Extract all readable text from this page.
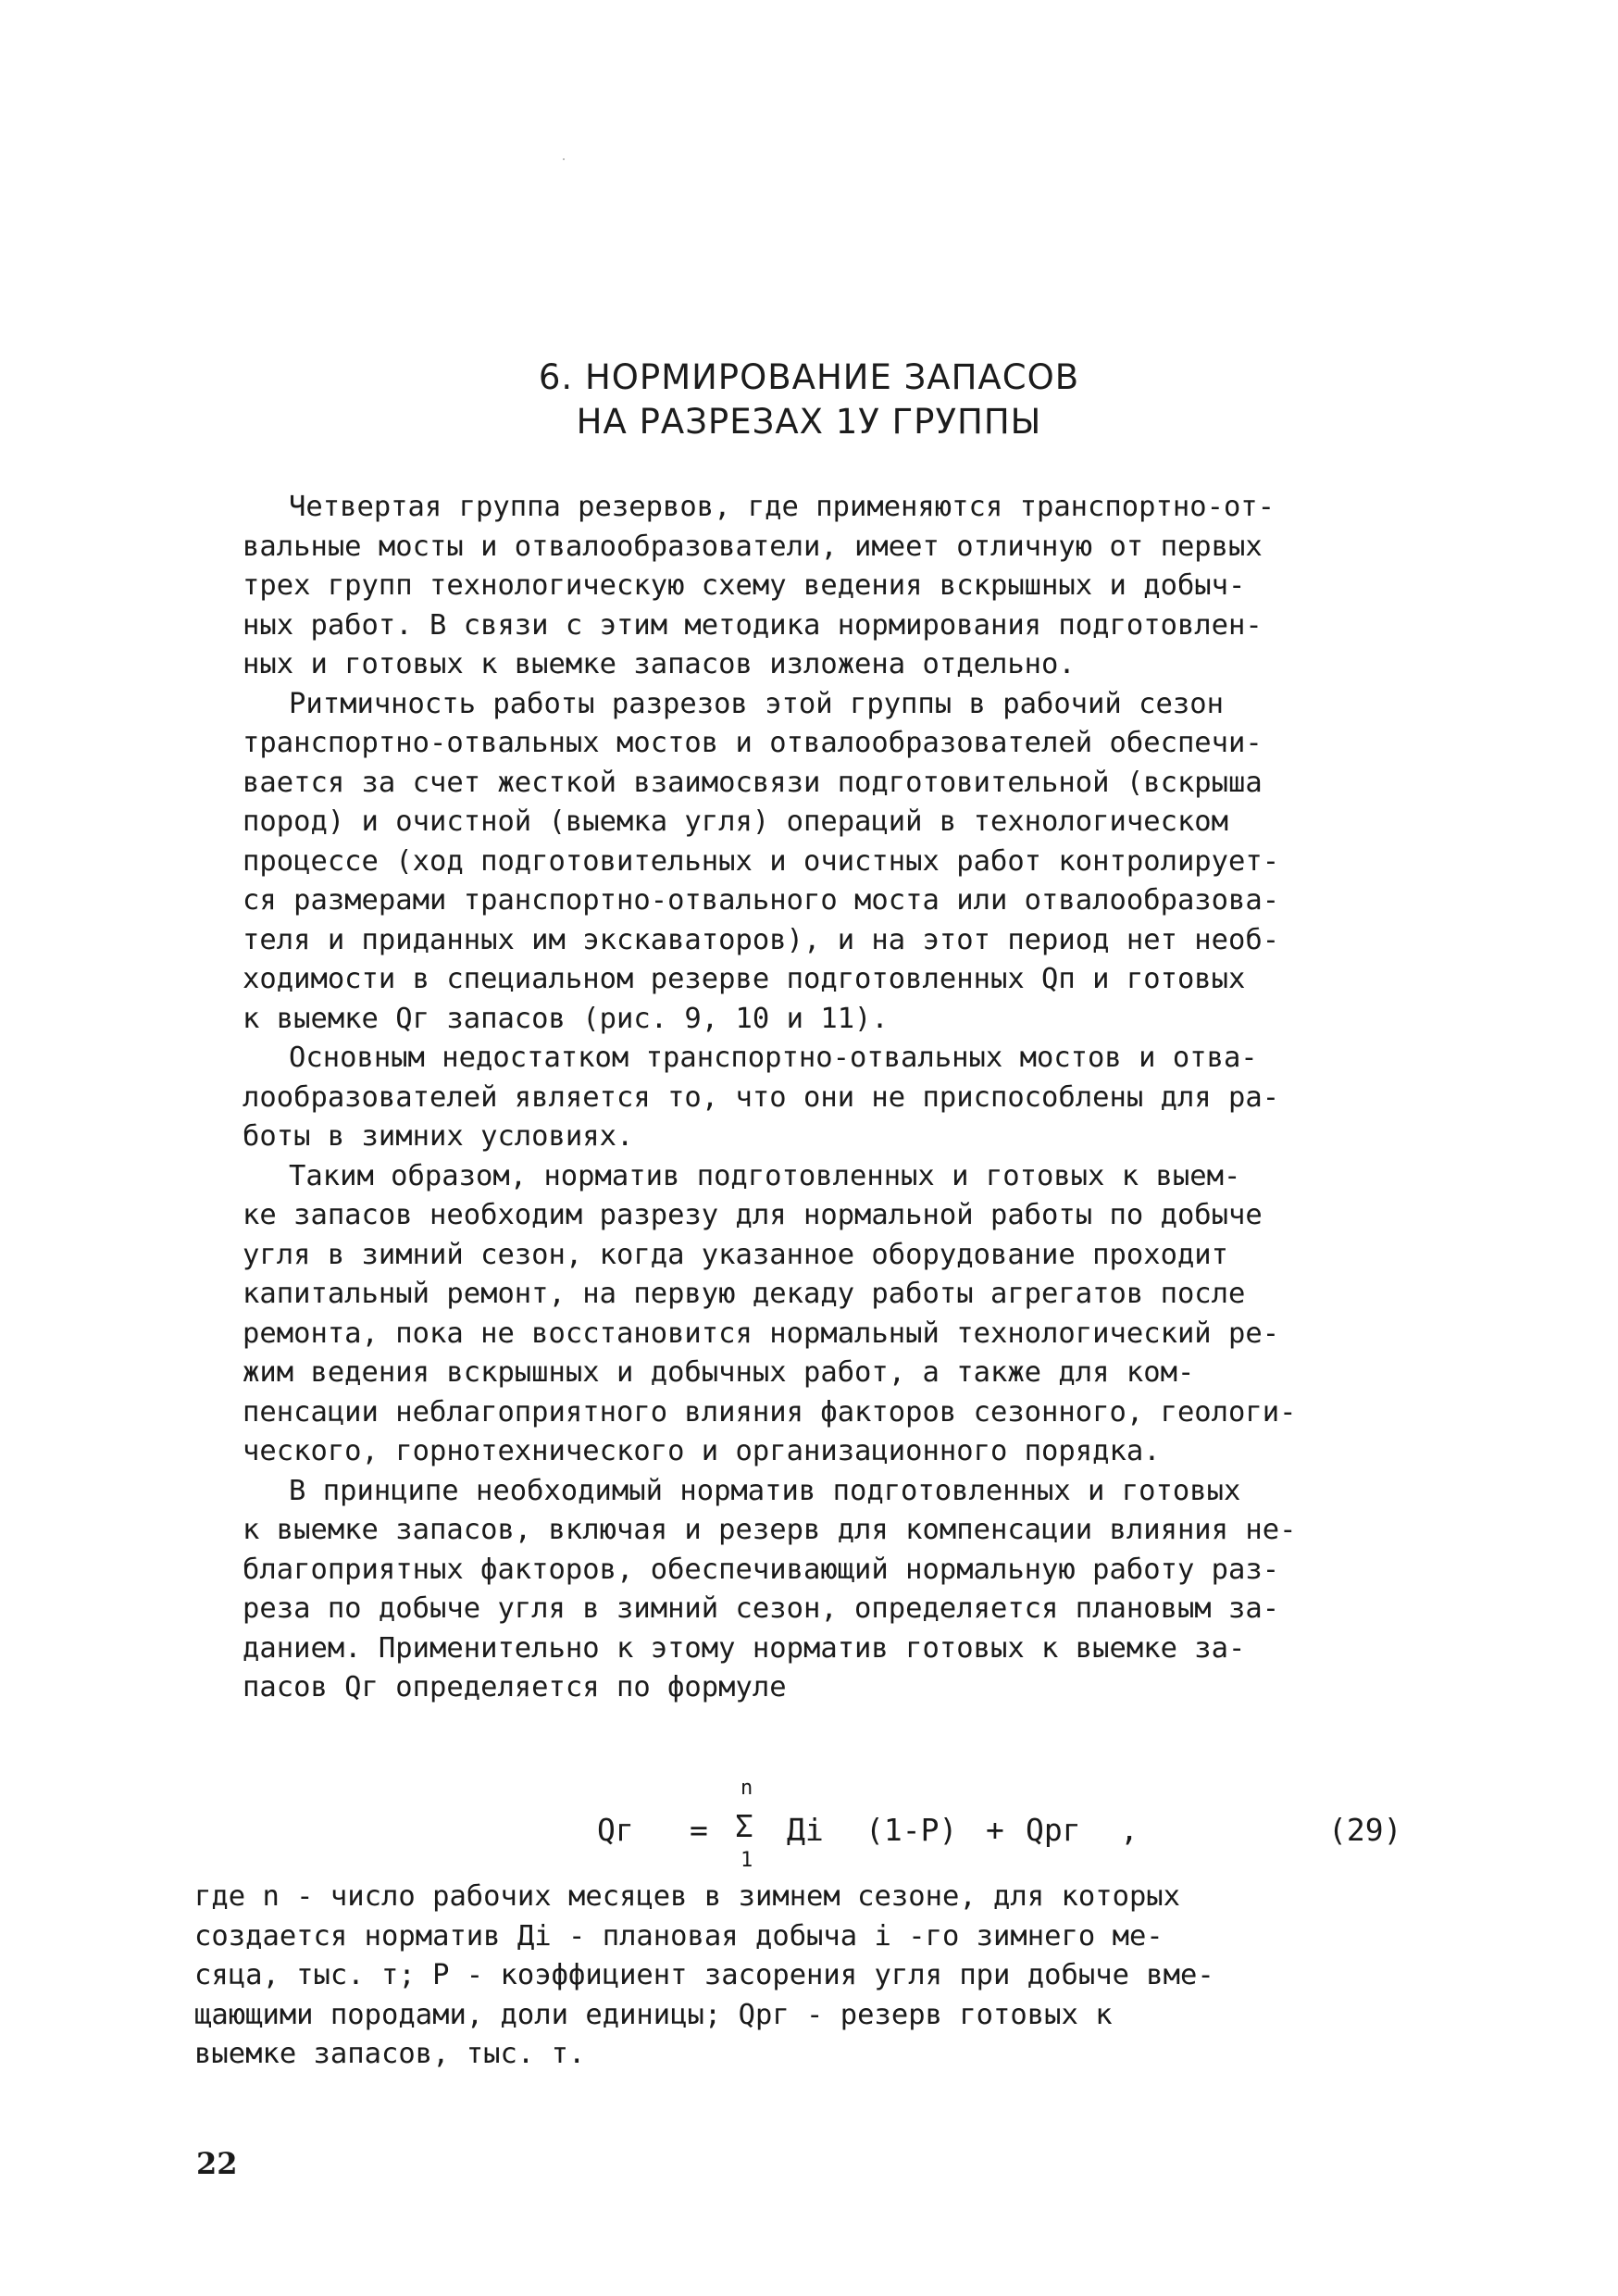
6. НОРМИРОВАНИЕ ЗАПАСОВ
НА РАЗРЕЗАХ 1У ГРУППЫ
Четвертая группа резервов, где применяются транспортно-от-
вальные мосты и отвалообразователи, имеет отличную от первых
трех групп технологическую схему ведения вскрышных и добыч-
ных работ. В связи с этим методика нормирования подготовлен-
ных и готовых к выемке запасов изложена отдельно.
Ритмичность работы разрезов этой группы в рабочий сезон
транспортно-отвальных мостов и отвалообразователей обеспечи-
вается за счет жесткой взаимосвязи подготовительной (вскрыша
пород) и очистной (выемка угля) операций в технологическом
процессе (ход подготовительных и очистных работ контролирует-
ся размерами транспортно-отвального моста или отвалообразова-
теля и приданных им экскаваторов), и на этот период нет необ-
ходимости в специальном резерве подготовленных Qп и готовых
к выемке Qг запасов (рис. 9, 10 и 11).
Основным недостатком транспортно-отвальных мостов и отва-
лообразователей является то, что они не приспособлены для ра-
боты в зимних условиях.
Таким образом, норматив подготовленных и готовых к выем-
ке запасов необходим разрезу для нормальной работы по добыче
угля в зимний сезон, когда указанное оборудование проходит
капитальный ремонт, на первую декаду работы агрегатов после
ремонта, пока не восстановится нормальный технологический ре-
жим ведения вскрышных и добычных работ, а также для ком-
пенсации неблагоприятного влияния факторов сезонного, геологи-
ческого, горнотехнического и организационного порядка.
В принципе необходимый норматив подготовленных и готовых
к выемке запасов, включая и резерв для компенсации влияния не-
благоприятных факторов, обеспечивающий нормальную работу раз-
реза по добыче угля в зимний сезон, определяется плановым за-
данием. Применительно к этому норматив готовых к выемке за-
пасов Qг определяется по формуле
Qг =
n
Σ
1
Дi (1-P) + Qрг ,	(29)
где n - число рабочих месяцев в зимнем сезоне, для которых
создается норматив Дi - плановая добыча i -го зимнего ме-
сяца, тыс. т; P - коэффициент засорения угля при добыче вме-
щающими породами, доли единицы; Qрг - резерв готовых к
выемке запасов, тыс. т.
22
